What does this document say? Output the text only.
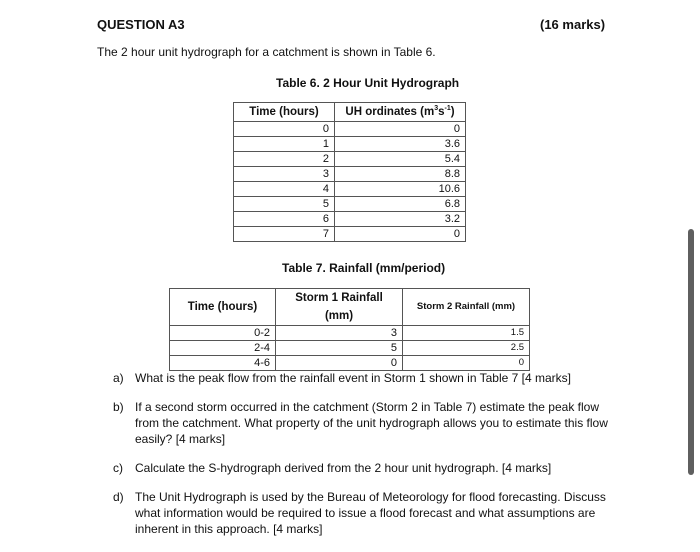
QUESTION A3	(16 marks)
The 2 hour unit hydrograph for a catchment is shown in Table 6.
Table 6. 2 Hour Unit Hydrograph
Time (hours)	UH ordinates $(m^3s^{-1})$
0	0
1	3.6
2	5.4
3	8.8
4	10.6
5	6.8
6	3.2
7	0
Table 7. Rainfall (mm/period)
Time (hours)	Storm 1 Rainfall (mm)	Storm 2 Rainfall (mm)
0-2	3	1.5
2-4	5	2.5
4-6	0	0
a) What is the peak flow from the rainfall event in Storm 1 shown in Table 7 [4 marks]
b) If a second storm occurred in the catchment (Storm 2 in Table 7) estimate the peak flow from the catchment. What property of the unit hydrograph allows you to estimate this flow easily? [4 marks]
c) Calculate the S-hydrograph derived from the 2 hour unit hydrograph. [4 marks]
d) The Unit Hydrograph is used by the Bureau of Meteorology for flood forecasting. Discuss what information would be required to issue a flood forecast and what assumptions are inherent in this approach. [4 marks]
